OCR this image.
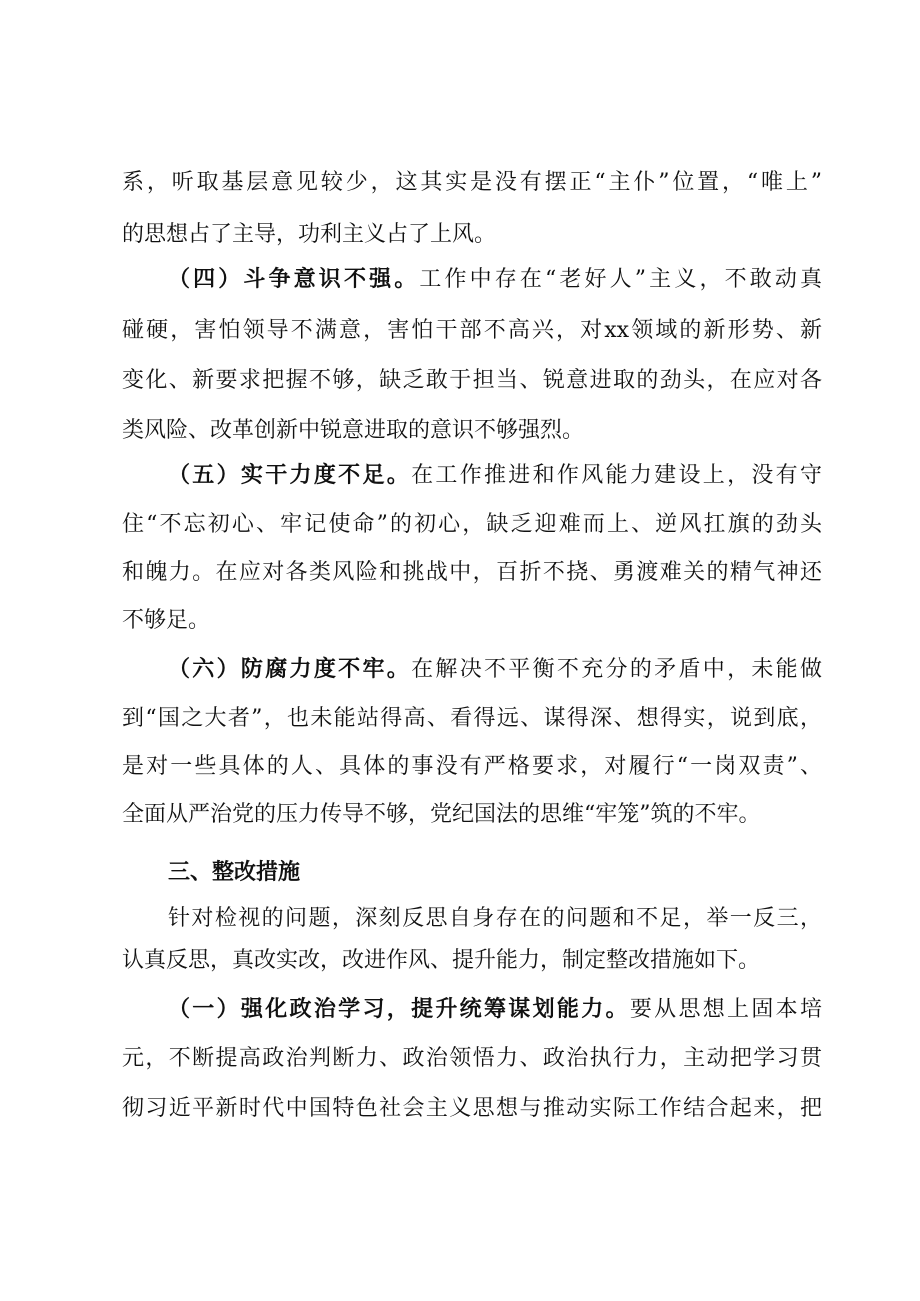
系，听取基层意见较少，这其实是没有摆正“主仆”位置，“唯上”
的思想占了主导，功利主义占了上风。
（四）斗争意识不强。工作中存在“老好人”主义，不敢动真
碰硬，害怕领导不满意，害怕干部不高兴，对xx领域的新形势、新
变化、新要求把握不够，缺乏敢于担当、锐意进取的劲头，在应对各
类风险、改革创新中锐意进取的意识不够强烈。
（五）实干力度不足。在工作推进和作风能力建设上，没有守
住“不忘初心、牢记使命”的初心，缺乏迎难而上、逆风扛旗的劲头
和魄力。在应对各类风险和挑战中，百折不挠、勇渡难关的精气神还
不够足。
（六）防腐力度不牢。在解决不平衡不充分的矛盾中，未能做
到“国之大者”，也未能站得高、看得远、谋得深、想得实，说到底，
是对一些具体的人、具体的事没有严格要求，对履行“一岗双责”、
全面从严治党的压力传导不够，党纪国法的思维“牢笼”筑的不牢。
三、整改措施
针对检视的问题，深刻反思自身存在的问题和不足，举一反三，
认真反思，真改实改，改进作风、提升能力，制定整改措施如下。
（一）强化政治学习，提升统筹谋划能力。要从思想上固本培
元，不断提高政治判断力、政治领悟力、政治执行力，主动把学习贯
彻习近平新时代中国特色社会主义思想与推动实际工作结合起来，把
